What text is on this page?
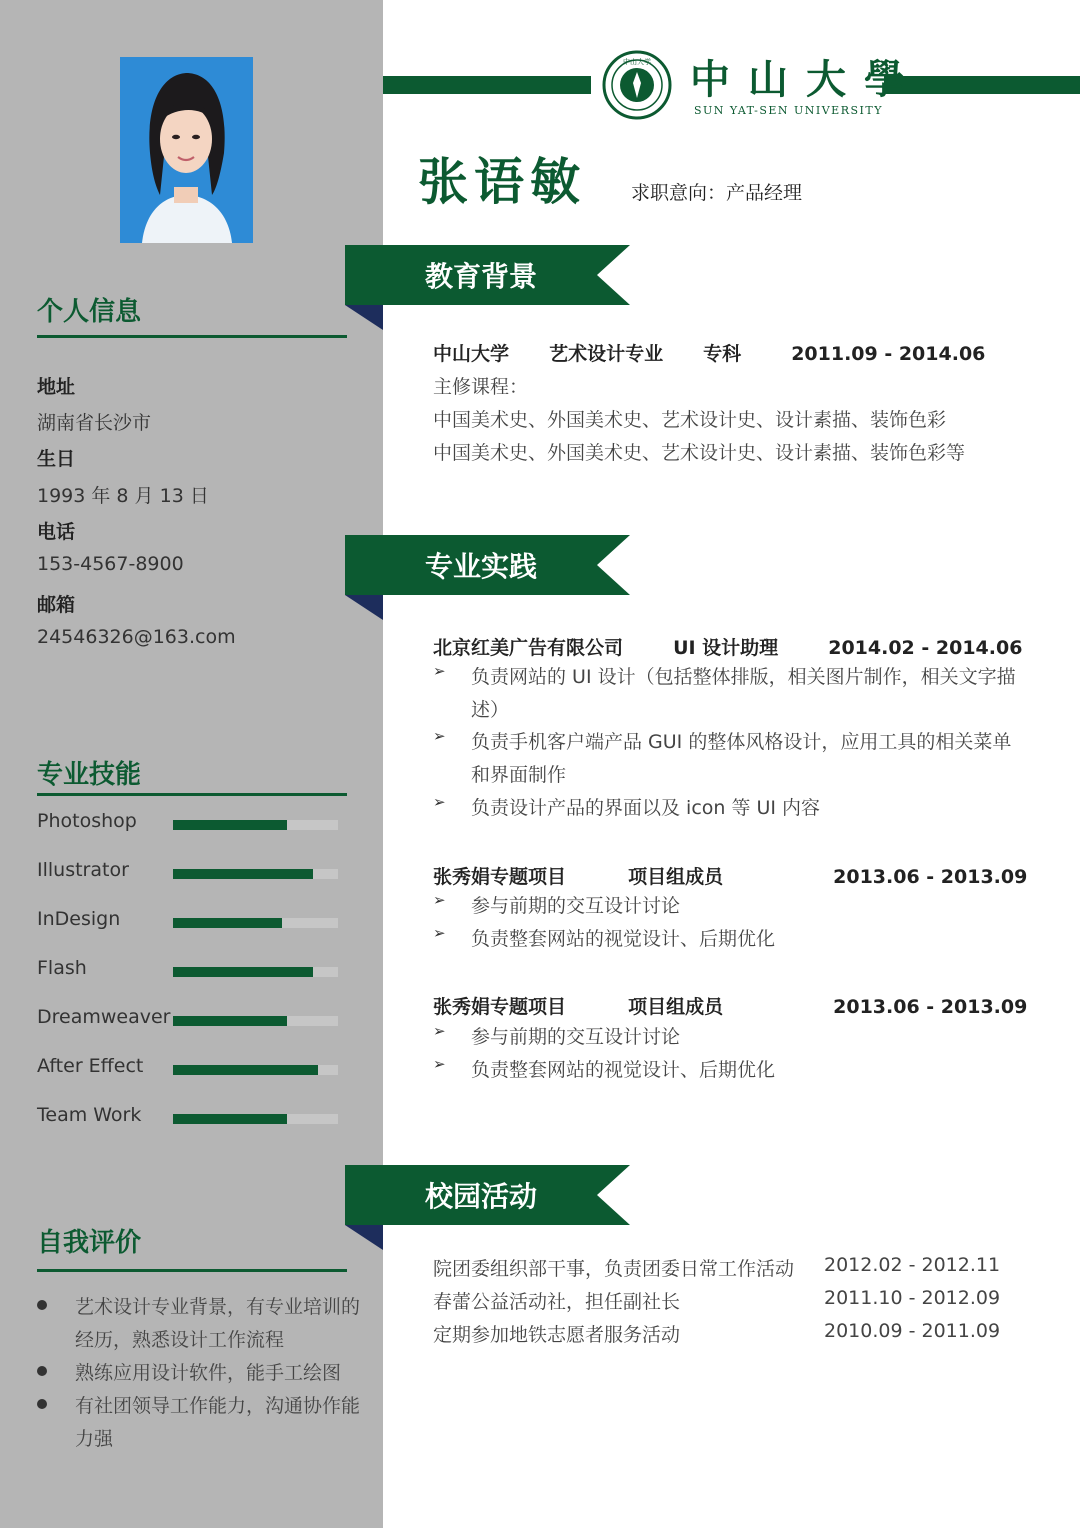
个人信息
地址
湖南省长沙市
生日
1993 年 8 月 13 日
电话
153-4567-8900
邮箱
24546326@163.com
专业技能
Photoshop
Illustrator
InDesign
Flash
Dreamweaver
After Effect
Team Work
自我评价
艺术设计专业背景，有专业培训的经历，熟悉设计工作流程
熟练应用设计软件，能手工绘图
有社团领导工作能力，沟通协作能力强
中山大学 中山大學
SUN YAT-SEN UNIVERSITY
张语敏 求职意向：产品经理
教育背景
中山大学 艺术设计专业 专科	2011.09 - 2014.06
主修课程：
中国美术史、外国美术史、艺术设计史、设计素描、装饰色彩
中国美术史、外国美术史、艺术设计史、设计素描、装饰色彩等
专业实践
北京红美广告有限公司	UI 设计助理	2014.02 - 2014.06
➢ 负责网站的 UI 设计（包括整体排版，相关图片制作，相关文字描述）
➢ 负责手机客户端产品 GUI 的整体风格设计，应用工具的相关菜单和界面制作
➢ 负责设计产品的界面以及 icon 等 UI 内容
张秀娟专题项目	项目组成员	2013.06 - 2013.09
➢ 参与前期的交互设计讨论
➢ 负责整套网站的视觉设计、后期优化
张秀娟专题项目	项目组成员	2013.06 - 2013.09
➢ 参与前期的交互设计讨论
➢ 负责整套网站的视觉设计、后期优化
校园活动
院团委组织部干事，负责团委日常工作活动 2012.02 - 2012.11
春蕾公益活动社，担任副社长	2011.10 - 2012.09
定期参加地铁志愿者服务活动	2010.09 - 2011.09
